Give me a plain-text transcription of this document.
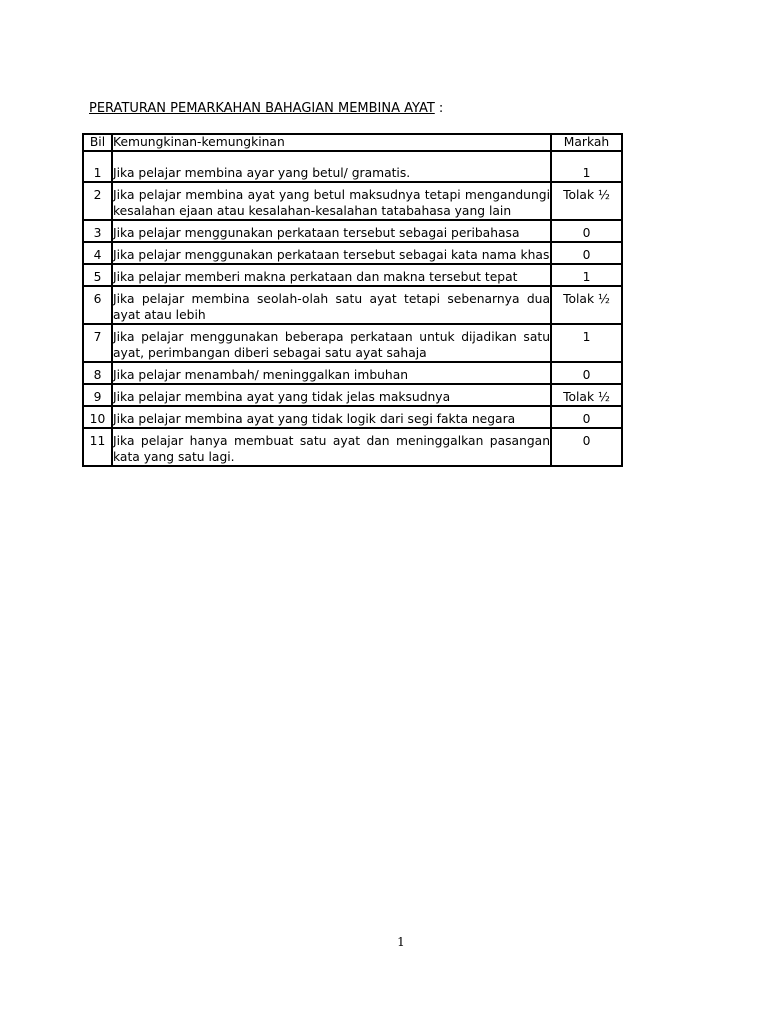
PERATURAN PEMARKAHAN BAHAGIAN MEMBINA AYAT :
Bil	Kemungkinan-kemungkinan	Markah
1	Jika pelajar membina ayar yang betul/ gramatis.	1
2	Jika pelajar membina ayat yang betul maksudnya tetapi mengandungi kesalahan ejaan atau kesalahan-kesalahan tatabahasa yang lain	Tolak ½
3	Jika pelajar menggunakan perkataan tersebut sebagai peribahasa	0
4	Jika pelajar menggunakan perkataan tersebut sebagai kata nama khas	0
5	Jika pelajar memberi makna perkataan dan makna tersebut tepat	1
6	Jika pelajar membina seolah-olah satu ayat tetapi sebenarnya dua ayat atau lebih	Tolak ½
7	Jika pelajar menggunakan beberapa perkataan untuk dijadikan satu ayat, perimbangan diberi sebagai satu ayat sahaja	1
8	Jika pelajar menambah/ meninggalkan imbuhan	0
9	Jika pelajar membina ayat yang tidak jelas maksudnya	Tolak ½
10	Jika pelajar membina ayat yang tidak logik dari segi fakta negara	0
11	Jika pelajar hanya membuat satu ayat dan meninggalkan pasangan kata yang satu lagi.	0
1
